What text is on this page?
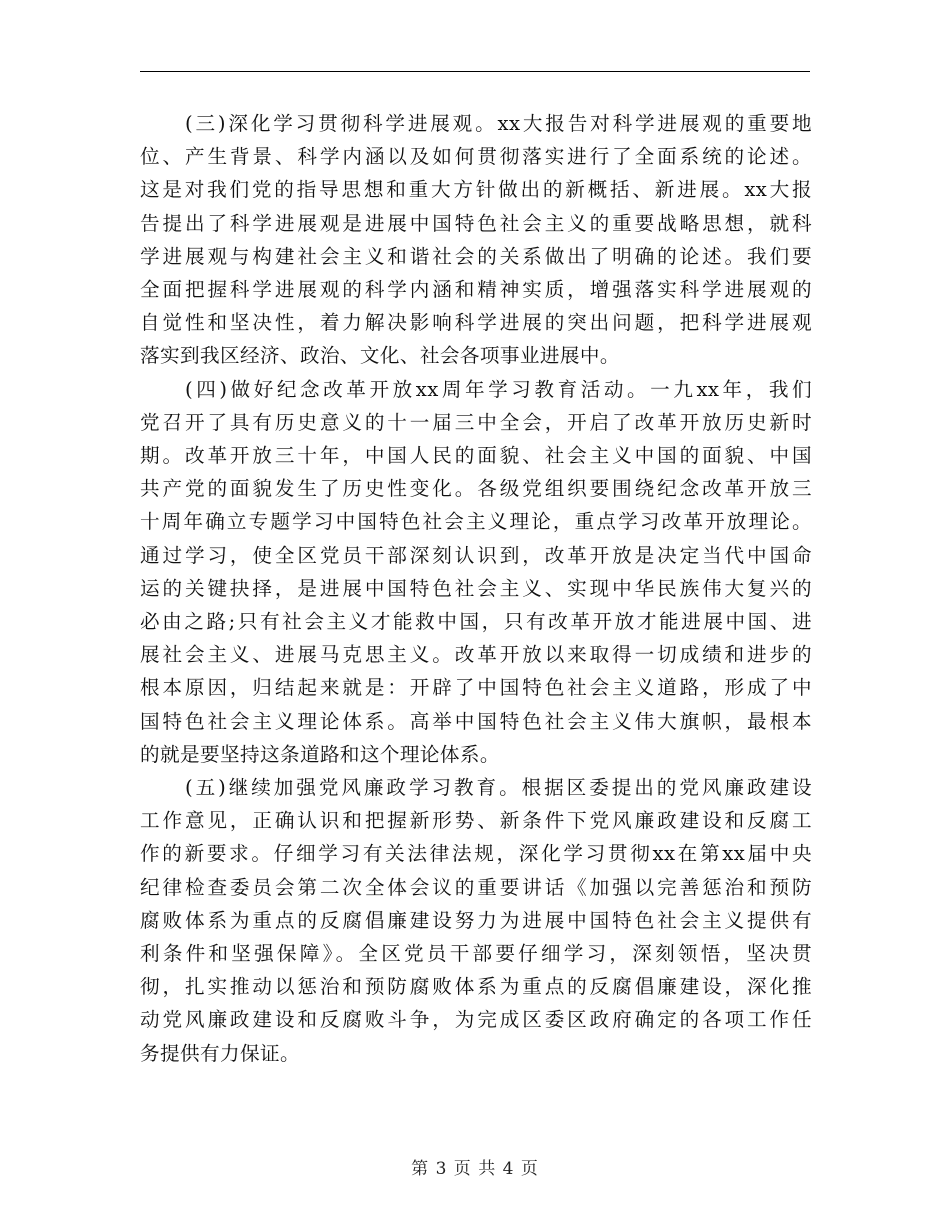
(三)深化学习贯彻科学进展观。xx大报告对科学进展观的重要地
位、产生背景、科学内涵以及如何贯彻落实进行了全面系统的论述。
这是对我们党的指导思想和重大方针做出的新概括、新进展。xx大报
告提出了科学进展观是进展中国特色社会主义的重要战略思想，就科
学进展观与构建社会主义和谐社会的关系做出了明确的论述。我们要
全面把握科学进展观的科学内涵和精神实质，增强落实科学进展观的
自觉性和坚决性，着力解决影响科学进展的突出问题，把科学进展观
落实到我区经济、政治、文化、社会各项事业进展中。

(四)做好纪念改革开放xx周年学习教育活动。一九xx年，我们
党召开了具有历史意义的十一届三中全会，开启了改革开放历史新时
期。改革开放三十年，中国人民的面貌、社会主义中国的面貌、中国
共产党的面貌发生了历史性变化。各级党组织要围绕纪念改革开放三
十周年确立专题学习中国特色社会主义理论，重点学习改革开放理论。
通过学习，使全区党员干部深刻认识到，改革开放是决定当代中国命
运的关键抉择，是进展中国特色社会主义、实现中华民族伟大复兴的
必由之路;只有社会主义才能救中国，只有改革开放才能进展中国、进
展社会主义、进展马克思主义。改革开放以来取得一切成绩和进步的
根本原因，归结起来就是：开辟了中国特色社会主义道路，形成了中
国特色社会主义理论体系。高举中国特色社会主义伟大旗帜，最根本
的就是要坚持这条道路和这个理论体系。

(五)继续加强党风廉政学习教育。根据区委提出的党风廉政建设
工作意见，正确认识和把握新形势、新条件下党风廉政建设和反腐工
作的新要求。仔细学习有关法律法规，深化学习贯彻xx在第xx届中央
纪律检查委员会第二次全体会议的重要讲话《加强以完善惩治和预防
腐败体系为重点的反腐倡廉建设努力为进展中国特色社会主义提供有
利条件和坚强保障》。全区党员干部要仔细学习，深刻领悟，坚决贯
彻，扎实推动以惩治和预防腐败体系为重点的反腐倡廉建设，深化推
动党风廉政建设和反腐败斗争，为完成区委区政府确定的各项工作任
务提供有力保证。

第 3 页 共 4 页
